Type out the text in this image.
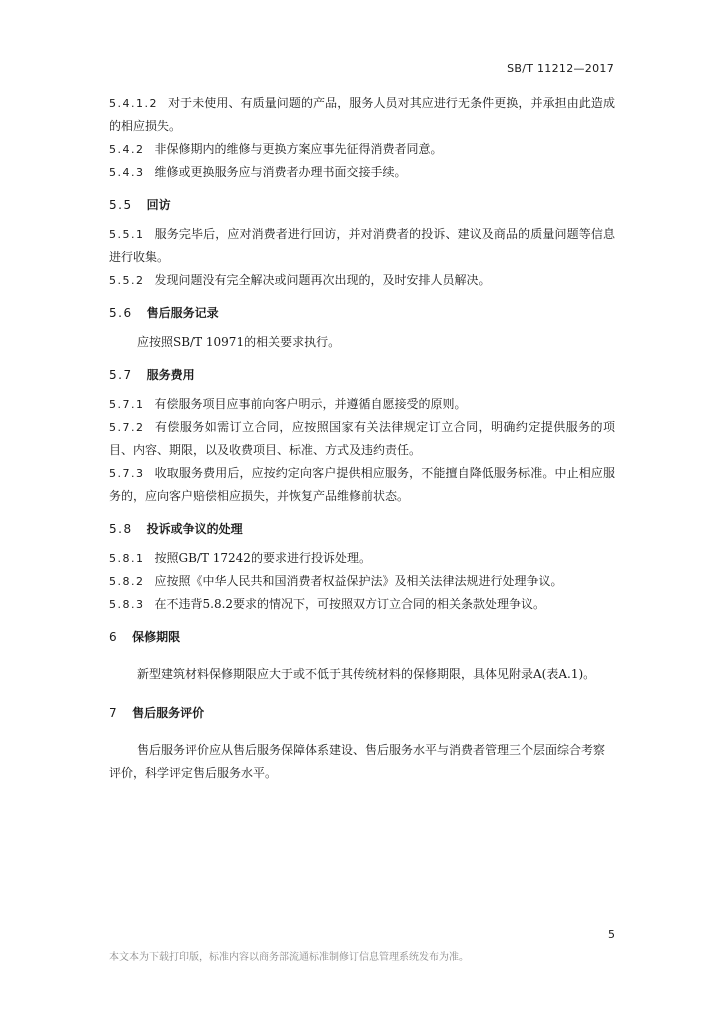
SB/T 11212—2017

5.4.1.2 对于未使用、有质量问题的产品，服务人员对其应进行无条件更换，并承担由此造成的相应损失。

5.4.2 非保修期内的维修与更换方案应事先征得消费者同意。

5.4.3 维修或更换服务应与消费者办理书面交接手续。

5.5 回访

5.5.1 服务完毕后，应对消费者进行回访，并对消费者的投诉、建议及商品的质量问题等信息进行收集。

5.5.2 发现问题没有完全解决或问题再次出现的，及时安排人员解决。

5.6 售后服务记录

应按照SB/T 10971的相关要求执行。

5.7 服务费用

5.7.1 有偿服务项目应事前向客户明示，并遵循自愿接受的原则。

5.7.2 有偿服务如需订立合同，应按照国家有关法律规定订立合同，明确约定提供服务的项目、内容、期限，以及收费项目、标准、方式及违约责任。

5.7.3 收取服务费用后，应按约定向客户提供相应服务，不能擅自降低服务标准。中止相应服务的，应向客户赔偿相应损失，并恢复产品维修前状态。

5.8 投诉或争议的处理

5.8.1 按照GB/T 17242的要求进行投诉处理。

5.8.2 应按照《中华人民共和国消费者权益保护法》及相关法律法规进行处理争议。

5.8.3 在不违背5.8.2要求的情况下，可按照双方订立合同的相关条款处理争议。

6 保修期限

新型建筑材料保修期限应大于或不低于其传统材料的保修期限，具体见附录A(表A.1)。

7 售后服务评价

售后服务评价应从售后服务保障体系建设、售后服务水平与消费者管理三个层面综合考察评价，科学评定售后服务水平。

5
本文本为下载打印版，标准内容以商务部流通标准制修订信息管理系统发布为准。
